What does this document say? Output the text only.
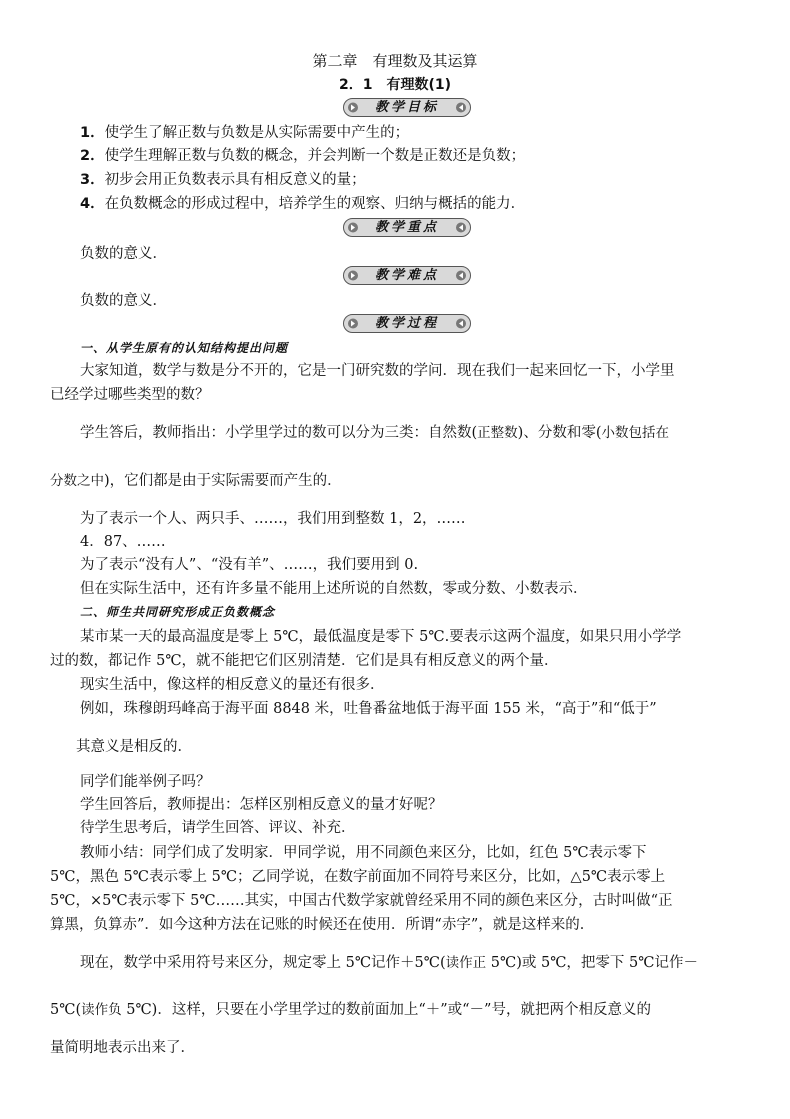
第二章　有理数及其运算
2．1　有理数(1)
教学目标
1．使学生了解正数与负数是从实际需要中产生的；
2．使学生理解正数与负数的概念，并会判断一个数是正数还是负数；
3．初步会用正负数表示具有相反意义的量；
4．在负数概念的形成过程中，培养学生的观察、归纳与概括的能力．
教学重点
负数的意义．
教学难点
负数的意义．
教学过程
一、从学生原有的认知结构提出问题
大家知道，数学与数是分不开的，它是一门研究数的学问．现在我们一起来回忆一下，小学里
已经学过哪些类型的数？
学生答后，教师指出：小学里学过的数可以分为三类：自然数(正整数)、分数和零(小数包括在
分数之中)，它们都是由于实际需要而产生的．
为了表示一个人、两只手、……，我们用到整数 1，2，……
4．87、……
为了表示“没有人”、“没有羊”、……，我们要用到 0.
但在实际生活中，还有许多量不能用上述所说的自然数，零或分数、小数表示．
二、师生共同研究形成正负数概念
某市某一天的最高温度是零上 5℃，最低温度是零下 5℃.要表示这两个温度，如果只用小学学
过的数，都记作 5℃，就不能把它们区别清楚．它们是具有相反意义的两个量．
现实生活中，像这样的相反意义的量还有很多．
例如，珠穆朗玛峰高于海平面 8848 米，吐鲁番盆地低于海平面 155 米，“高于”和“低于”
其意义是相反的．
同学们能举例子吗？
学生回答后，教师提出：怎样区别相反意义的量才好呢？
待学生思考后，请学生回答、评议、补充．
教师小结：同学们成了发明家．甲同学说，用不同颜色来区分，比如，红色 5℃表示零下
5℃，黑色 5℃表示零上 5℃；乙同学说，在数字前面加不同符号来区分，比如，△5℃表示零上
5℃，×5℃表示零下 5℃……其实，中国古代数学家就曾经采用不同的颜色来区分，古时叫做“正
算黑，负算赤”．如今这种方法在记账的时候还在使用．所谓“赤字”，就是这样来的．
现在，数学中采用符号来区分，规定零上 5℃记作＋5℃(读作正 5℃)或 5℃，把零下 5℃记作－
5℃(读作负 5℃)．这样，只要在小学里学过的数前面加上“＋”或“－”号，就把两个相反意义的
量简明地表示出来了．
